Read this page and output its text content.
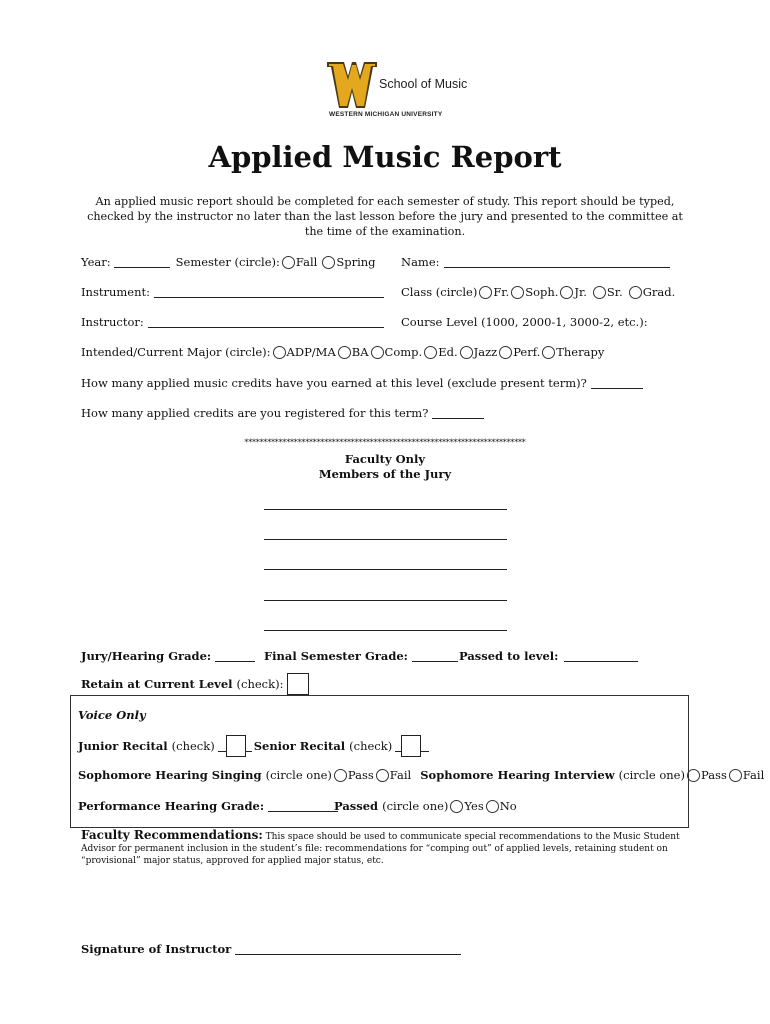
School of Music
WESTERN MICHIGAN UNIVERSITY
Applied Music Report
An applied music report should be completed for each semester of study. This report should be typed, checked by the instructor no later than the last lesson before the jury and presented to the committee at the time of the examination.
Year:	Semester (circle): Fall Spring Name:
Instrument:	Class (circle) Fr. Soph. Jr. Sr. Grad.
Instructor:	Course Level (1000, 2000-1, 3000-2, etc.):
Intended/Current Major (circle): ADP/MA BA Comp. Ed. Jazz Perf. Therapy
How many applied music credits have you earned at this level (exclude present term)?
How many applied credits are you registered for this term?
**************************************************************************
Faculty Only
Members of the Jury
Jury/Hearing Grade:	Final Semester Grade:	Passed to level:
Retain at Current Level (check):
Voice Only
Junior Recital (check)	Senior Recital (check)
Sophomore Hearing Singing (circle one) Pass Fail Sophomore Hearing Interview (circle one) Pass Fail
Performance Hearing Grade:	Passed (circle one) Yes No
Faculty Recommendations: This space should be used to communicate special recommendations to the Music Student Advisor for permanent inclusion in the student’s file: recommendations for “comping out” of applied levels, retaining student on “provisional” major status, approved for applied major status, etc.
Signature of Instructor
